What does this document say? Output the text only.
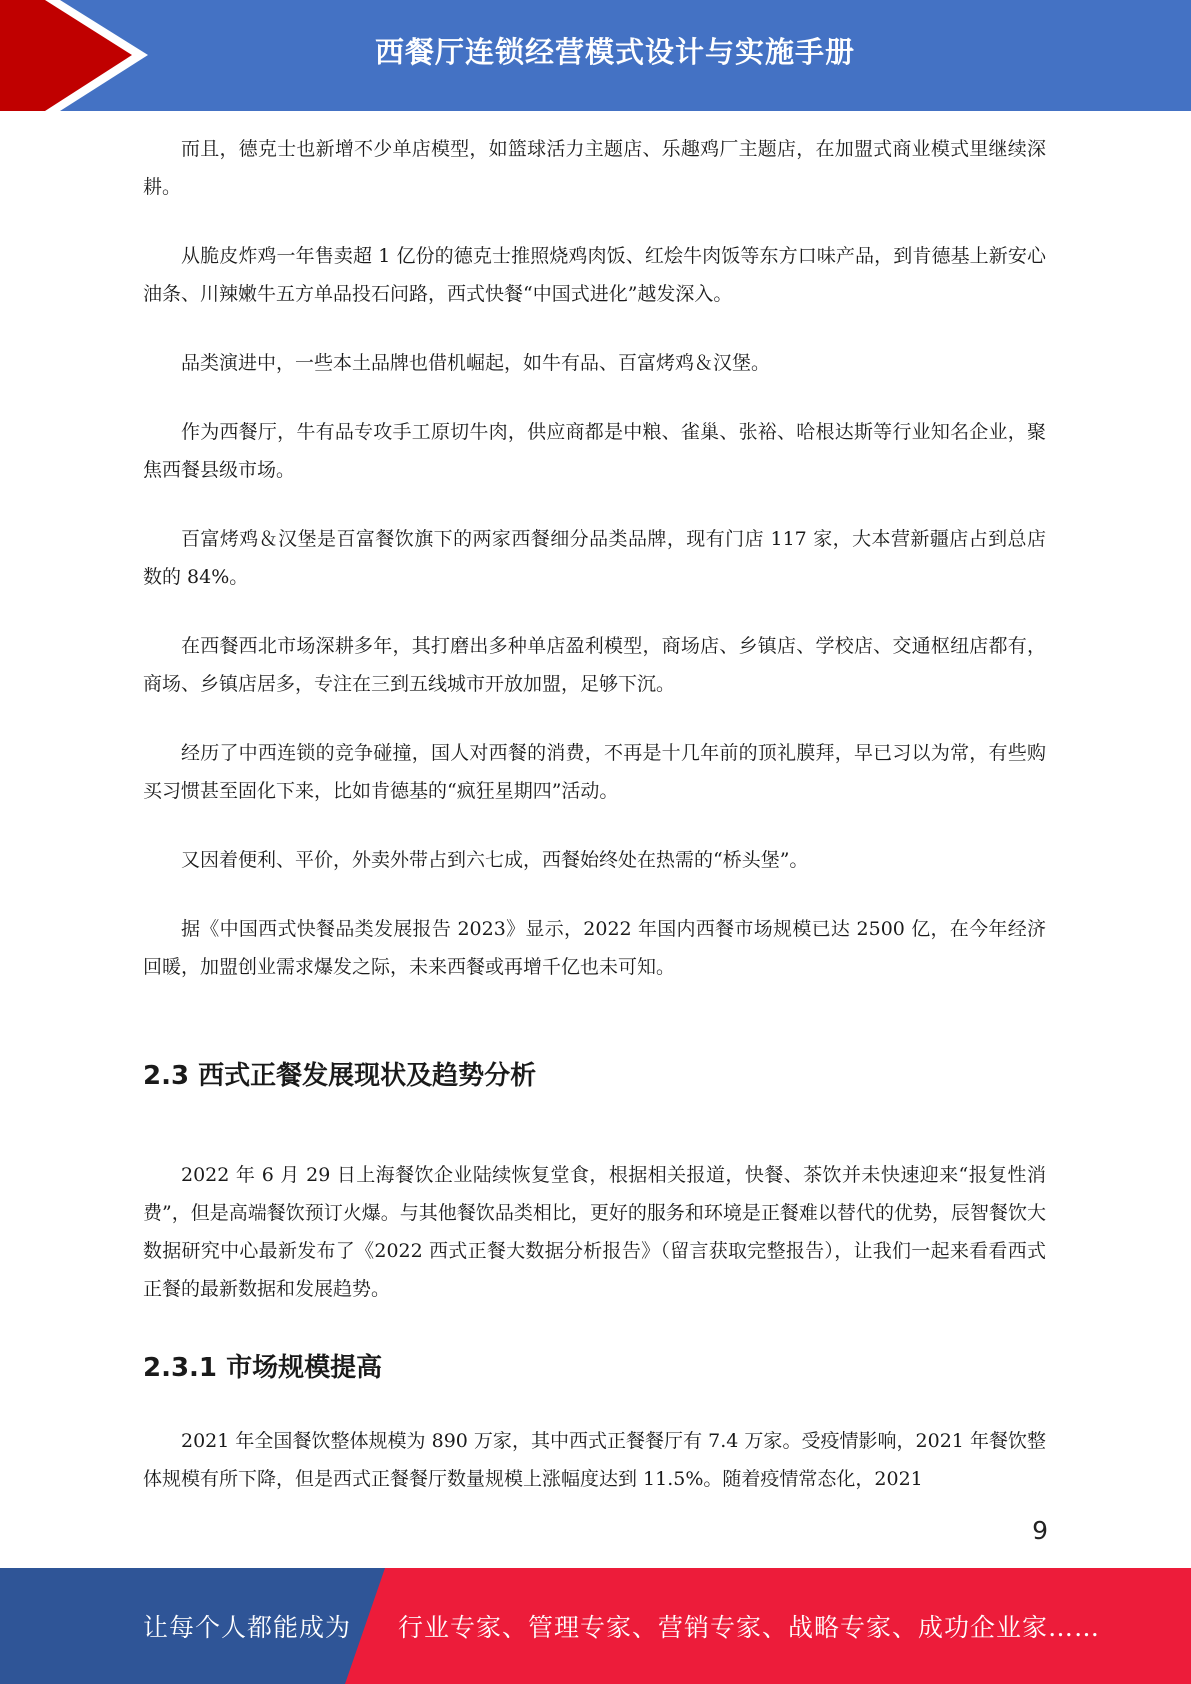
西餐厅连锁经营模式设计与实施手册

而且，德克士也新增不少单店模型，如篮球活力主题店、乐趣鸡厂主题店，在加盟式商业模式里继续深耕。

从脆皮炸鸡一年售卖超 1 亿份的德克士推照烧鸡肉饭、红烩牛肉饭等东方口味产品，到肯德基上新安心油条、川辣嫩牛五方单品投石问路，西式快餐“中国式进化”越发深入。

品类演进中，一些本土品牌也借机崛起，如牛有品、百富烤鸡＆汉堡。

作为西餐厅，牛有品专攻手工原切牛肉，供应商都是中粮、雀巢、张裕、哈根达斯等行业知名企业，聚焦西餐县级市场。

百富烤鸡＆汉堡是百富餐饮旗下的两家西餐细分品类品牌，现有门店 117 家，大本营新疆店占到总店数的 84%。

在西餐西北市场深耕多年，其打磨出多种单店盈利模型，商场店、乡镇店、学校店、交通枢纽店都有，商场、乡镇店居多，专注在三到五线城市开放加盟，足够下沉。

经历了中西连锁的竞争碰撞，国人对西餐的消费，不再是十几年前的顶礼膜拜，早已习以为常，有些购买习惯甚至固化下来，比如肯德基的“疯狂星期四”活动。

又因着便利、平价，外卖外带占到六七成，西餐始终处在热需的“桥头堡”。

据《中国西式快餐品类发展报告 2023》显示，2022 年国内西餐市场规模已达 2500 亿，在今年经济回暖，加盟创业需求爆发之际，未来西餐或再增千亿也未可知。

2.3 西式正餐发展现状及趋势分析

2022 年 6 月 29 日上海餐饮企业陆续恢复堂食，根据相关报道，快餐、茶饮并未快速迎来“报复性消费”，但是高端餐饮预订火爆。与其他餐饮品类相比，更好的服务和环境是正餐难以替代的优势，辰智餐饮大数据研究中心最新发布了《2022 西式正餐大数据分析报告》（留言获取完整报告），让我们一起来看看西式正餐的最新数据和发展趋势。

2.3.1 市场规模提高

2021 年全国餐饮整体规模为 890 万家，其中西式正餐餐厅有 7.4 万家。受疫情影响，2021 年餐饮整体规模有所下降，但是西式正餐餐厅数量规模上涨幅度达到 11.5%。随着疫情常态化，2021

9
让每个人都能成为 行业专家、管理专家、营销专家、战略专家、成功企业家……
